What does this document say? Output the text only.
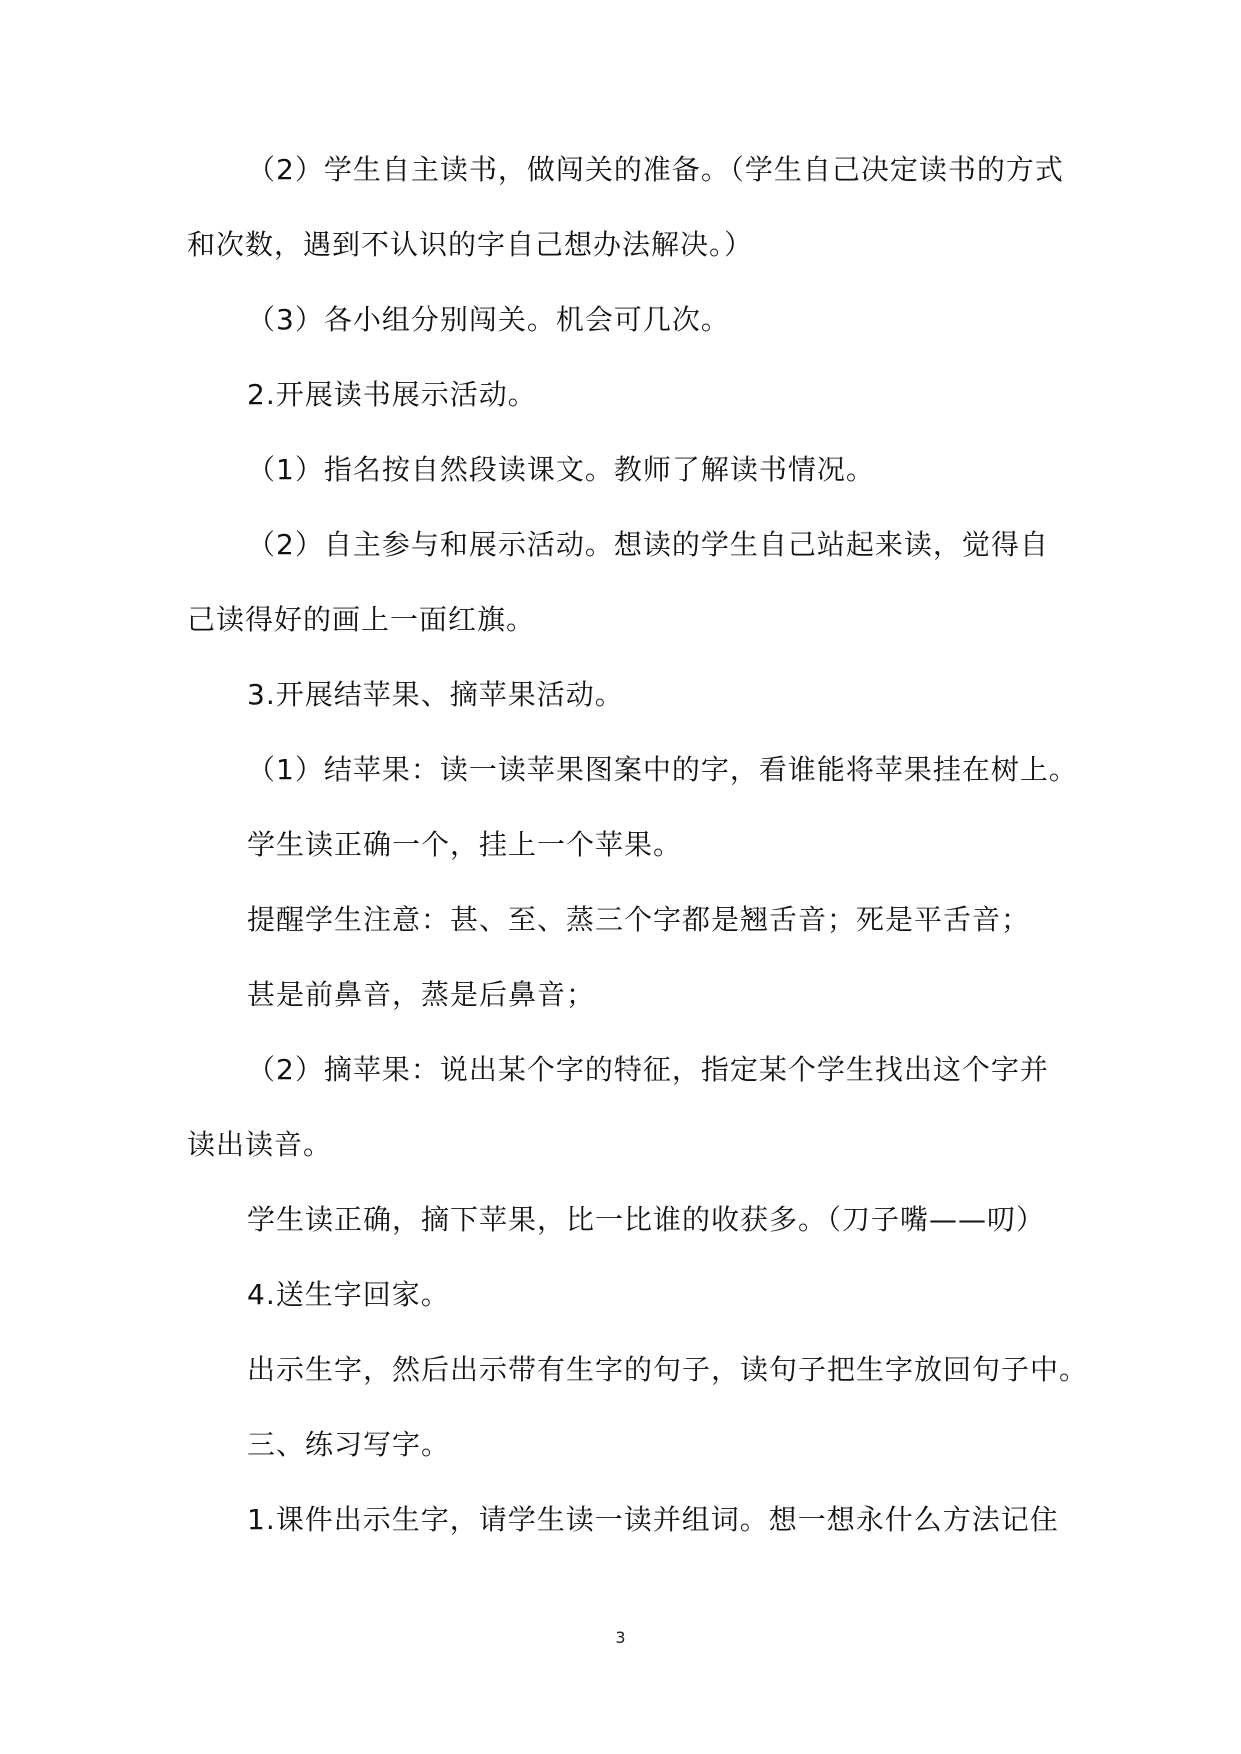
（2）学生自主读书，做闯关的准备。（学生自己决定读书的方式
和次数，遇到不认识的字自己想办法解决。）
（3）各小组分别闯关。机会可几次。
2.开展读书展示活动。
（1）指名按自然段读课文。教师了解读书情况。
（2）自主参与和展示活动。想读的学生自己站起来读，觉得自
己读得好的画上一面红旗。
3.开展结苹果、摘苹果活动。
（1）结苹果：读一读苹果图案中的字，看谁能将苹果挂在树上。
学生读正确一个，挂上一个苹果。
提醒学生注意：甚、至、蒸三个字都是翘舌音；死是平舌音；
甚是前鼻音，蒸是后鼻音；
（2）摘苹果：说出某个字的特征，指定某个学生找出这个字并
读出读音。
学生读正确，摘下苹果，比一比谁的收获多。（刀子嘴——叨）
4.送生字回家。
出示生字，然后出示带有生字的句子，读句子把生字放回句子中。
三、练习写字。
1.课件出示生字，请学生读一读并组词。想一想永什么方法记住
3
